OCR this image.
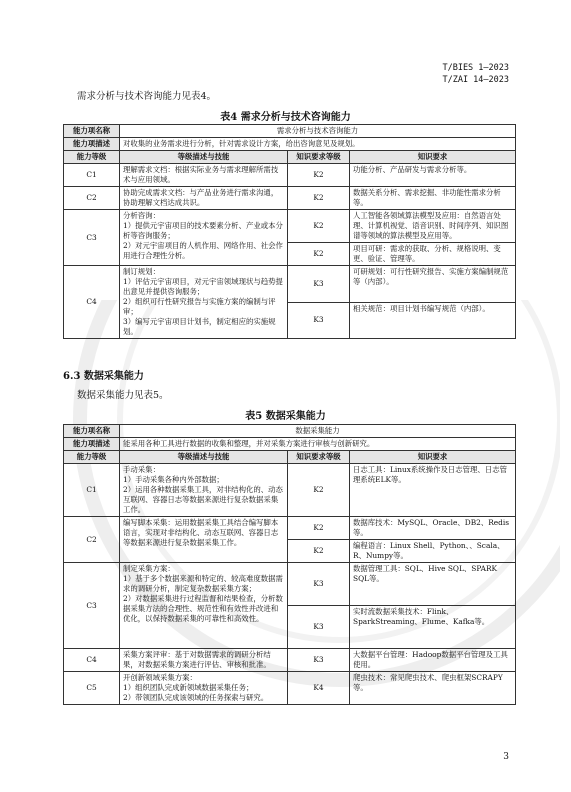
T/BIES 1—2023
T/ZAI 14—2023
需求分析与技术咨询能力见表4。
表4 需求分析与技术咨询能力
能力项名称	需求分析与技术咨询能力		
能力项描述	对收集的业务需求进行分析，针对需求设计方案，给出咨询意见及规划。		
能力等级	等级描述与技能	知识要求等级	知识要求
C1	理解需求文档：根据实际业务与需求理解所需技术与应用领域。	K2	功能分析、产品研发与需求分析等。
C2	协助完成需求文档：与产品业务进行需求沟通，协助理解文档达成共识。	K2	数据关系分析、需求挖掘、非功能性需求分析等。
C3	分析咨询：
1）提供元宇宙项目的技术要素分析、产业或本分析等咨询服务；
2）对元宇宙项目的人机作用、网络作用、社会作用进行合理性分析。	K2	人工智能各领域算法模型及应用：自然语言处理、计算机视觉、语音识别、时间序列、知识图谱等领域的算法模型及应用等。
		K2	项目可研：需求的获取、分析、规格说明、变更、验证、管理等。
C4	制订规划：
1）评估元宇宙项目，对元宇宙领域现状与趋势提出意见并提供咨询服务；
2）组织可行性研究报告与实施方案的编制与评审；
3）编写元宇宙项目计划书，制定相应的实施规划。	K3	可研规划：可行性研究报告、实施方案编制规范等（内部）。
		K3	相关规范：项目计划书编写规范（内部）。
6.3 数据采集能力
数据采集能力见表5。
表5 数据采集能力
能力项名称	数据采集能力		
能力项描述	能采用各种工具进行数据的收集和整理，并对采集方案进行审核与创新研究。		
能力等级	等级描述与技能	知识要求等级	知识要求
C1	手动采集：
1）手动采集各种内外部数据；
2）运用各种数据采集工具，对非结构化的、动态互联网、容器日志等数据来源进行复杂数据采集工作。	K2	日志工具：Linux系统操作及日志管理、日志管理系统ELK等。
C2	编写脚本采集：运用数据采集工具结合编写脚本语言，实现对非结构化、动态互联网、容器日志等数据来源进行复杂数据采集工作。	K2	数据库技术：MySQL、Oracle、DB2、Redis等。
		K2	编程语言：Linux Shell、Python、、Scala、R、Numpy等。
C3	制定采集方案：
1）基于多个数据来源和特定的、较高难度数据需求的调研分析，制定复杂数据采集方案；
2）对数据采集进行过程监督和结果检查，分析数据采集方法的合理性、规范性和有效性并改进和优化，以保持数据采集的可靠性和高效性。	K3	数据管理工具：SQL、Hive SQL、SPARK SQL等。
		K3	实时流数据采集技术：Flink、SparkStreaming、Flume、Kafka等。
C4	采集方案评审：基于对数据需求的调研分析结果，对数据采集方案进行评估、审核和批准。	K3	大数据平台管理：Hadoop数据平台管理及工具使用。
C5	开创新领域采集方案：
1）组织团队完成新领域数据采集任务；
2）带领团队完成该领域的任务探索与研究。	K4	爬虫技术：常见爬虫技术、爬虫框架SCRAPY等。
3
